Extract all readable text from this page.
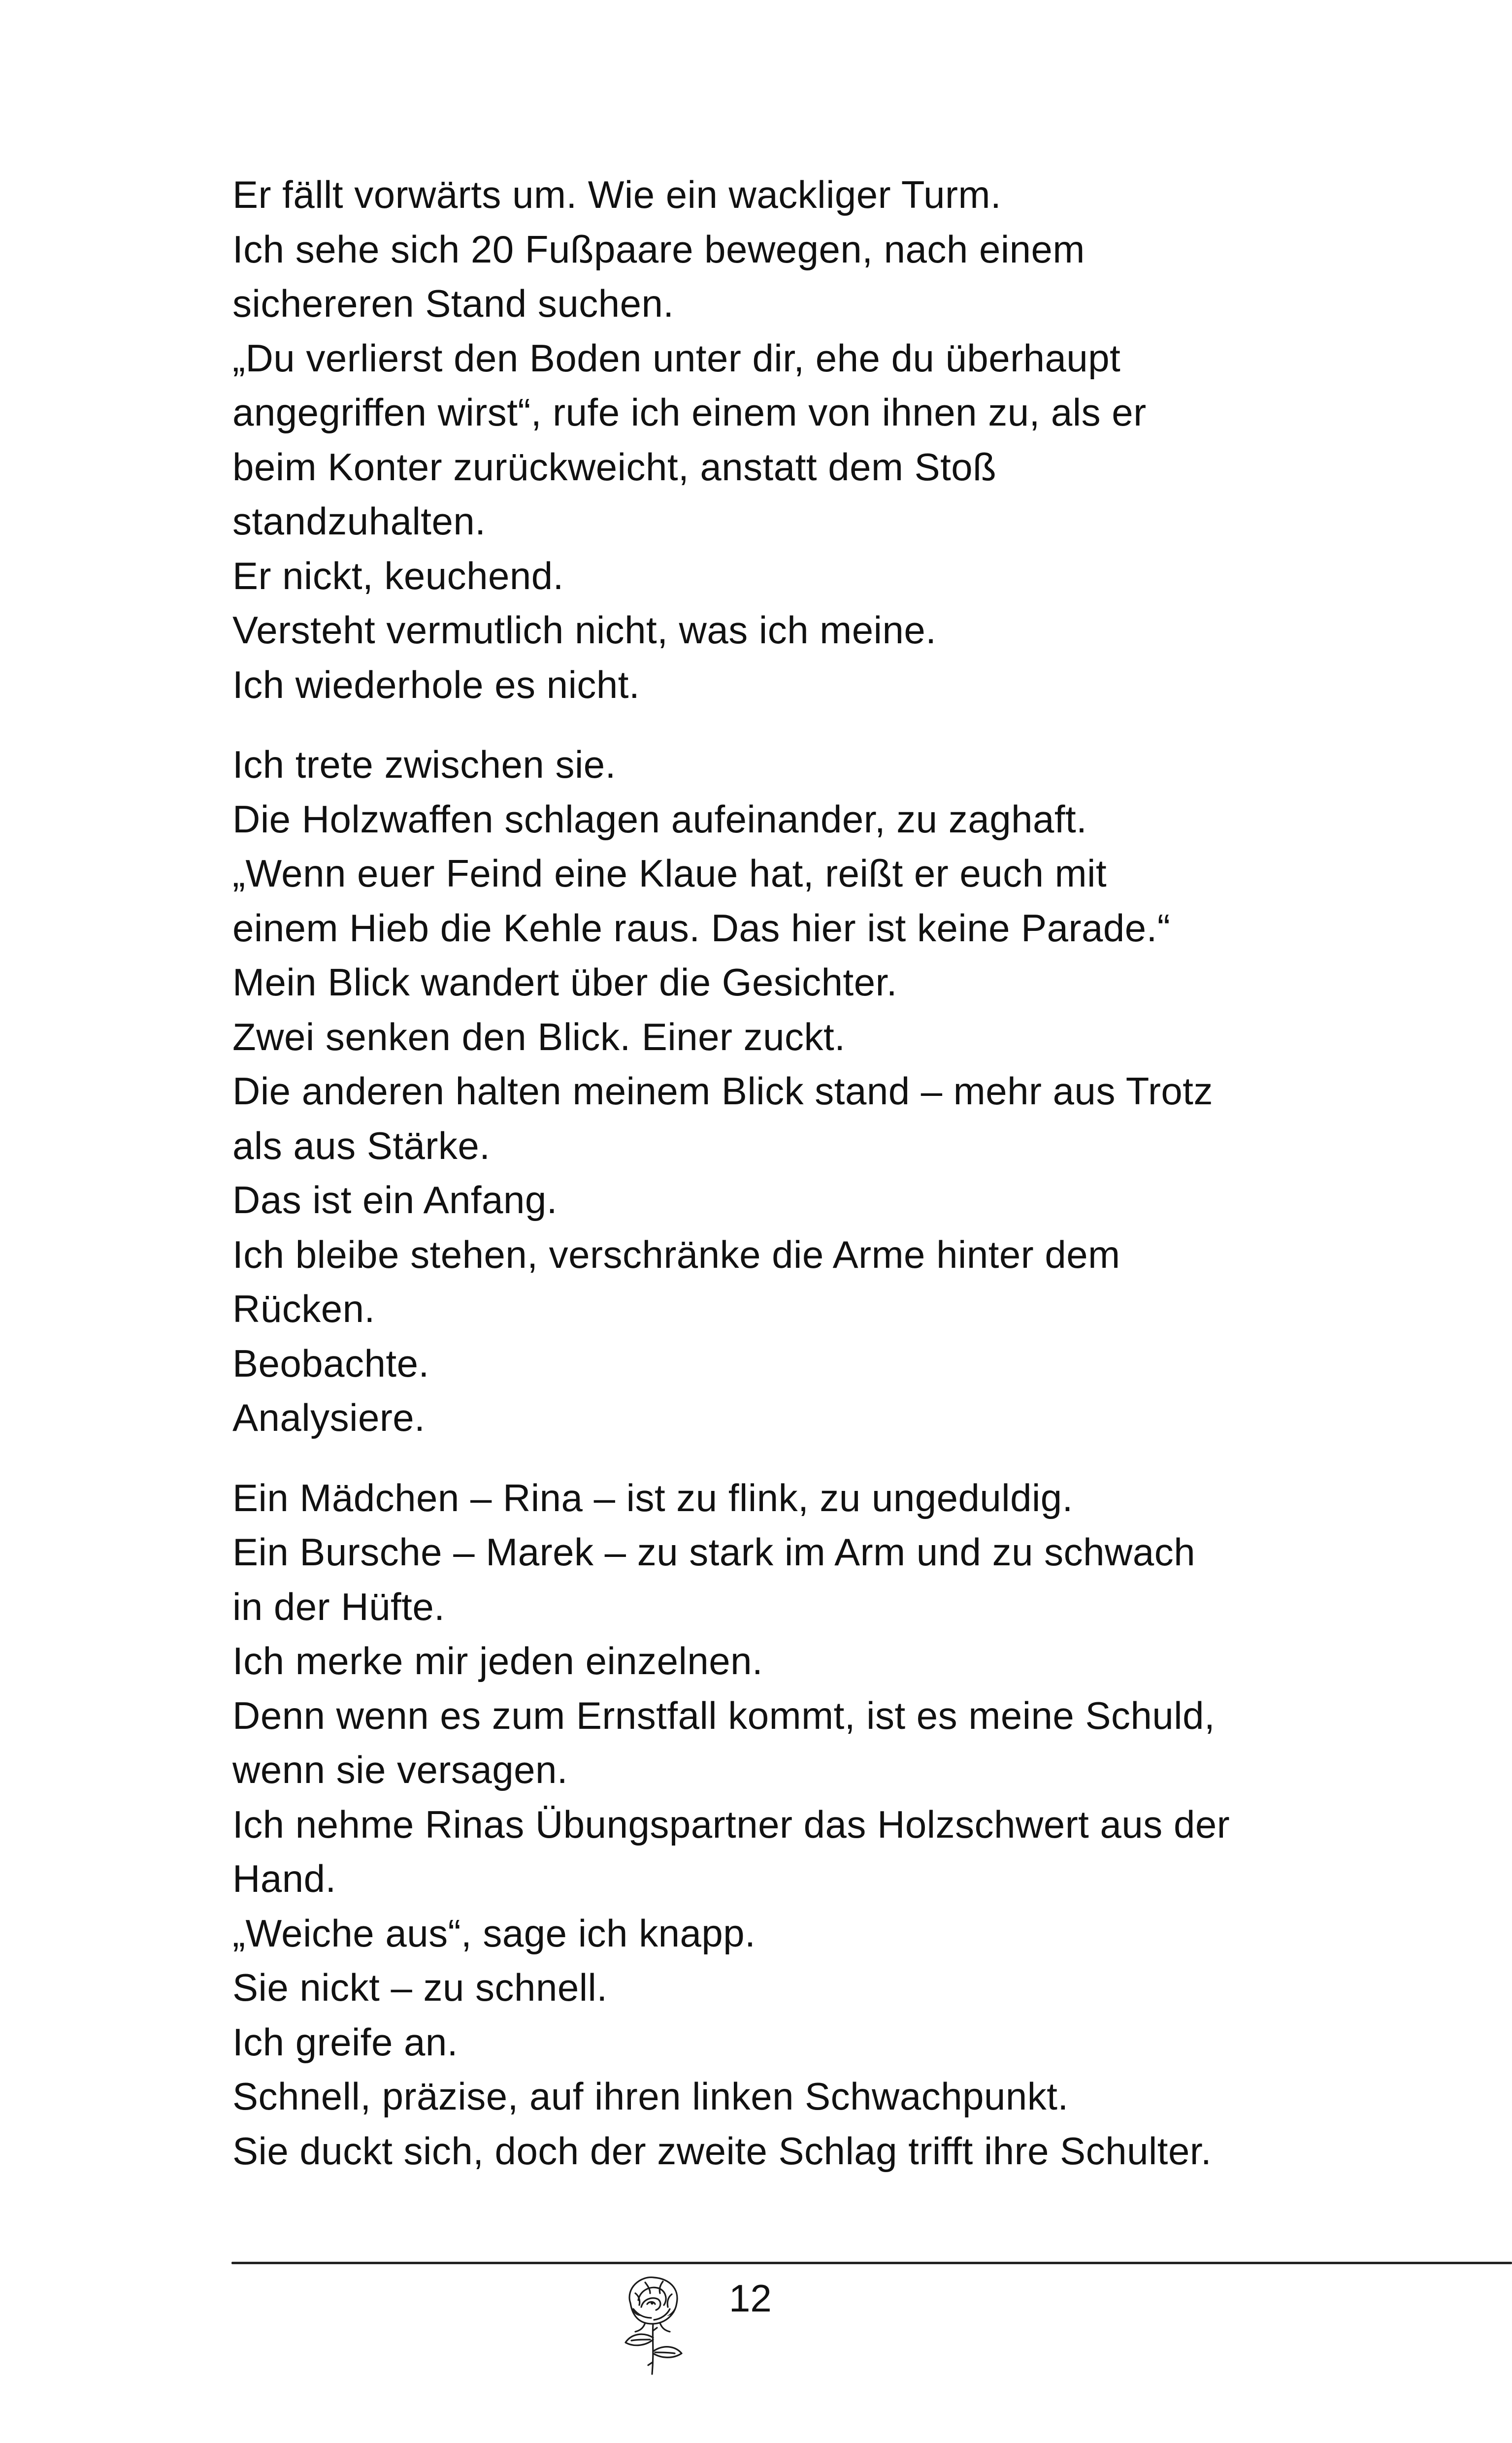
Er fällt vorwärts um. Wie ein wackliger Turm.
Ich sehe sich 20 Fußpaare bewegen, nach einem
sichereren Stand suchen.
„Du verlierst den Boden unter dir, ehe du überhaupt
angegriffen wirst“, rufe ich einem von ihnen zu, als er
beim Konter zurückweicht, anstatt dem Stoß
standzuhalten.
Er nickt, keuchend.
Versteht vermutlich nicht, was ich meine.
Ich wiederhole es nicht.
Ich trete zwischen sie.
Die Holzwaffen schlagen aufeinander, zu zaghaft.
„Wenn euer Feind eine Klaue hat, reißt er euch mit
einem Hieb die Kehle raus. Das hier ist keine Parade.“
Mein Blick wandert über die Gesichter.
Zwei senken den Blick. Einer zuckt.
Die anderen halten meinem Blick stand – mehr aus Trotz
als aus Stärke.
Das ist ein Anfang.
Ich bleibe stehen, verschränke die Arme hinter dem
Rücken.
Beobachte.
Analysiere.
Ein Mädchen – Rina – ist zu flink, zu ungeduldig.
Ein Bursche – Marek – zu stark im Arm und zu schwach
in der Hüfte.
Ich merke mir jeden einzelnen.
Denn wenn es zum Ernstfall kommt, ist es meine Schuld,
wenn sie versagen.
Ich nehme Rinas Übungspartner das Holzschwert aus der
Hand.
„Weiche aus“, sage ich knapp.
Sie nickt – zu schnell.
Ich greife an.
Schnell, präzise, auf ihren linken Schwachpunkt.
Sie duckt sich, doch der zweite Schlag trifft ihre Schulter.
12
